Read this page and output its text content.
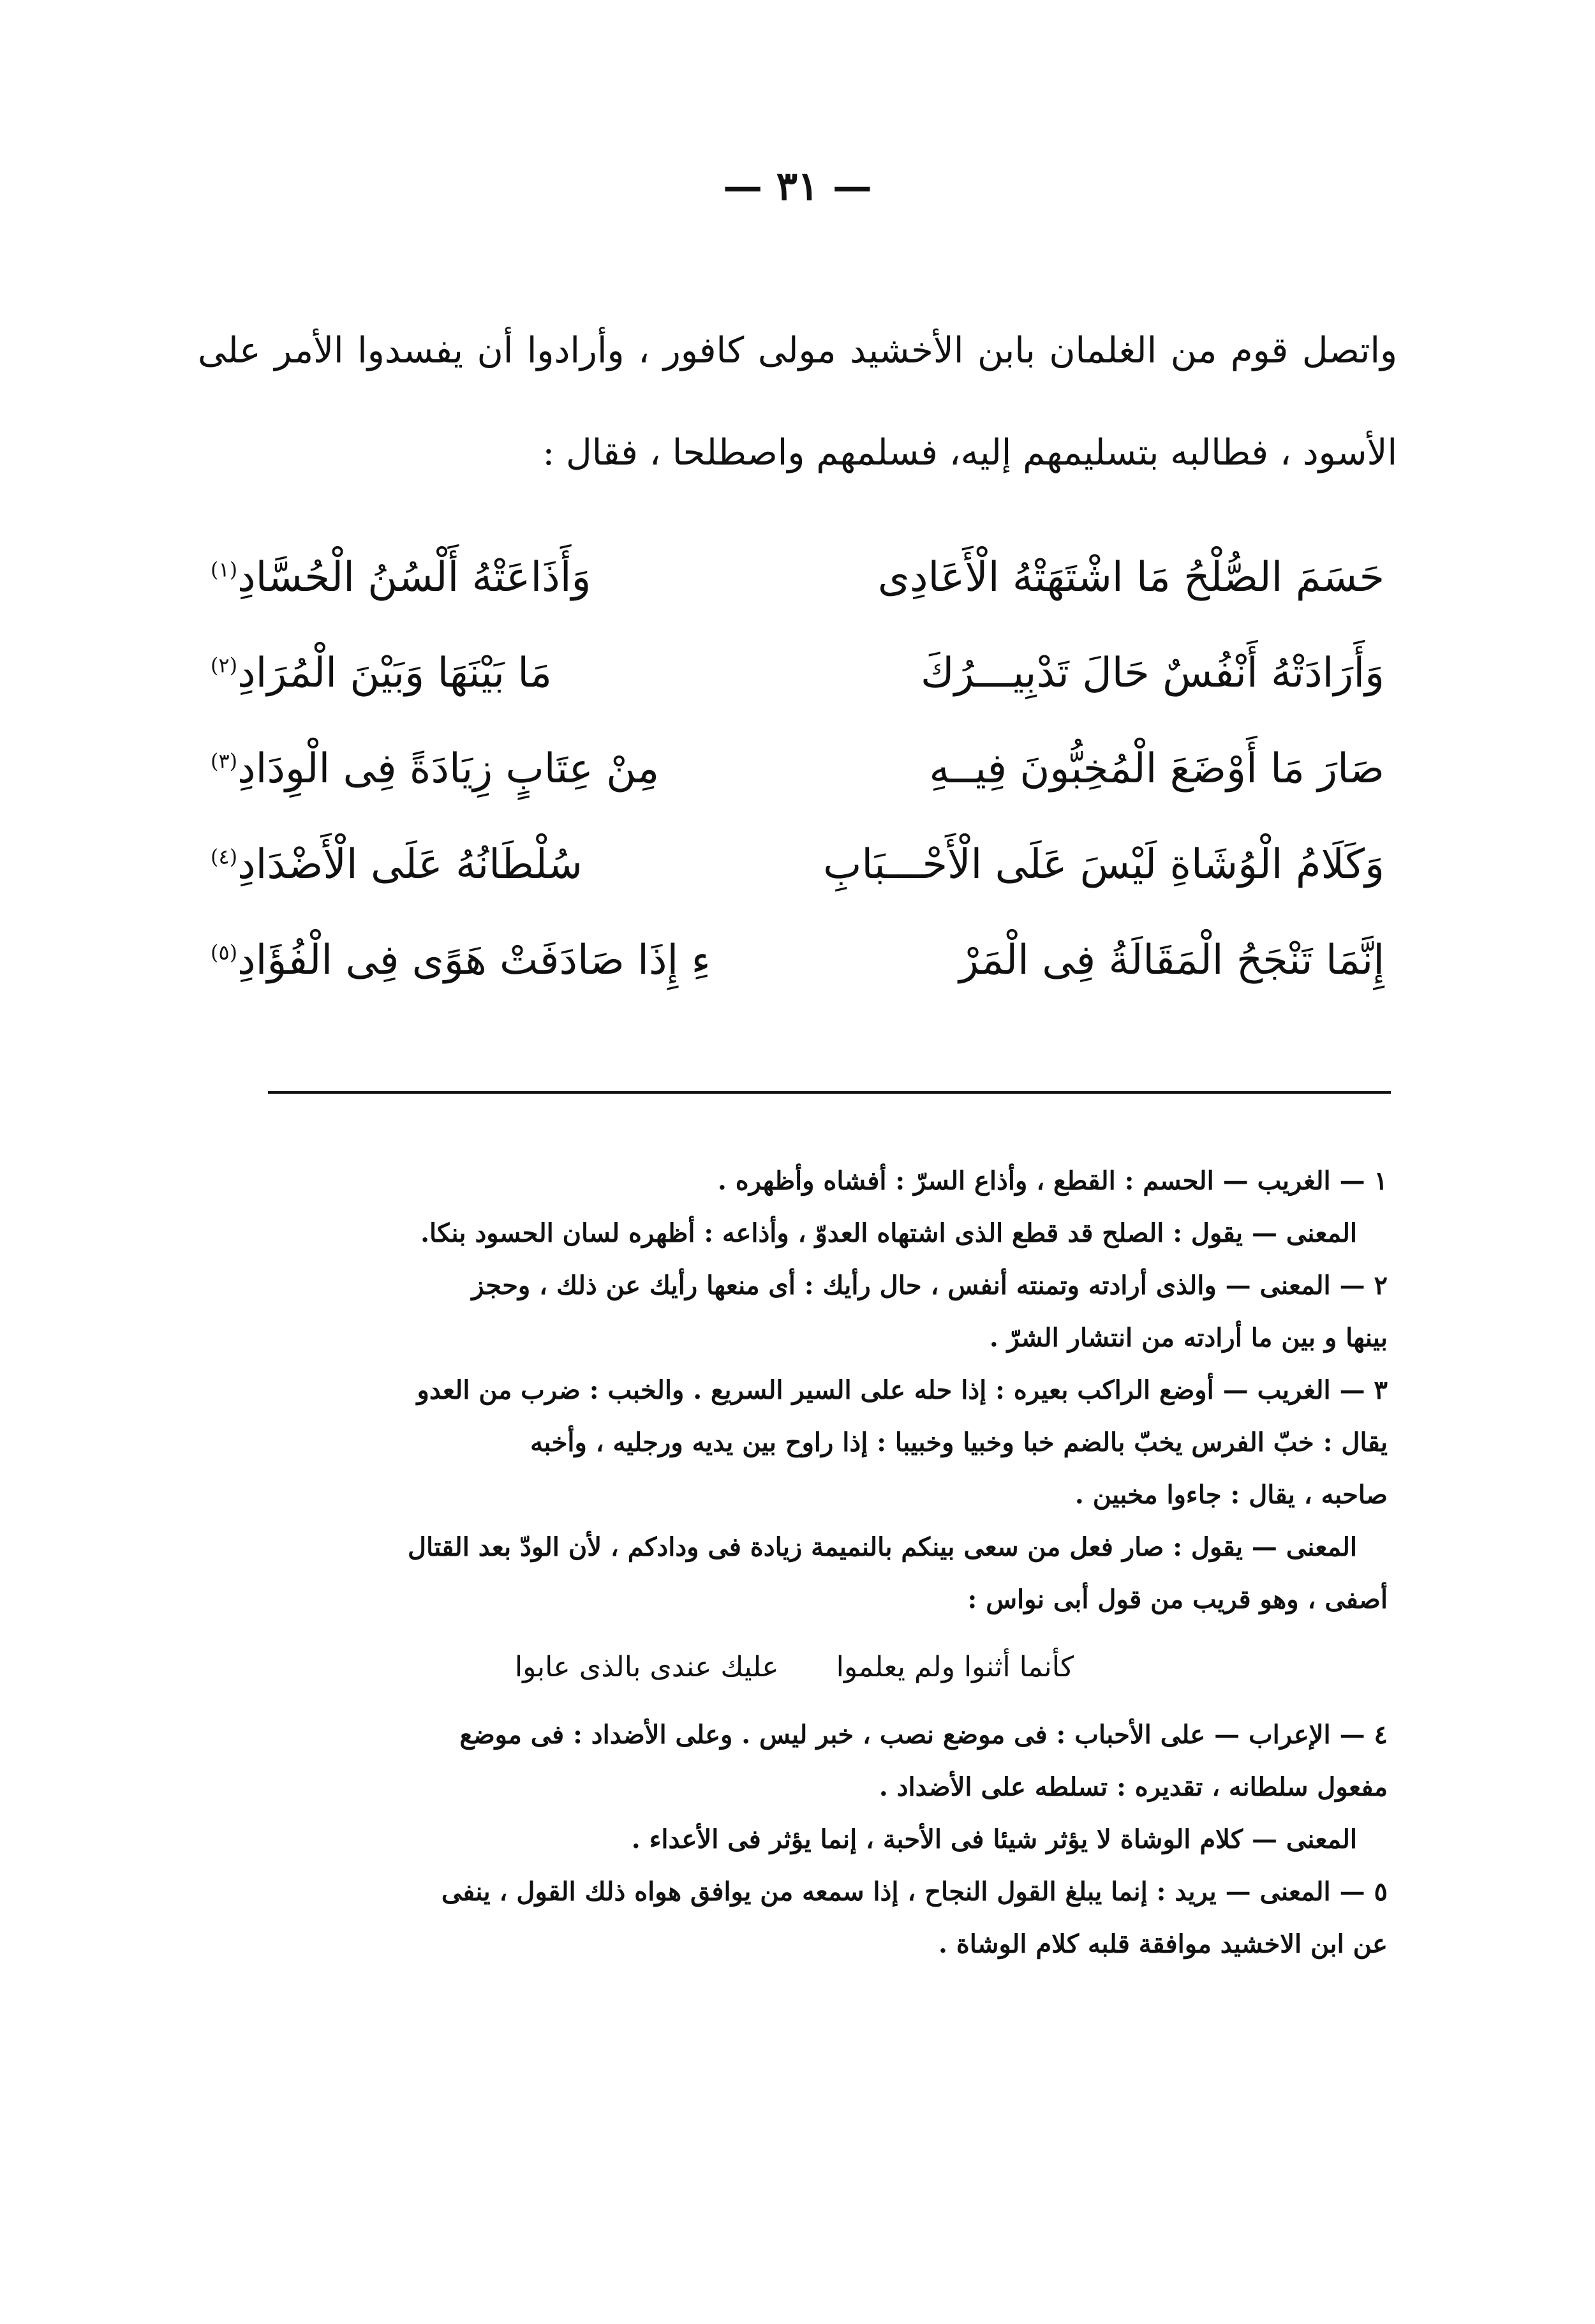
— ٣١ —
واتصل قوم من الغلمان بابن الأخشيد مولى كافور ، وأرادوا أن يفسدوا الأمر على الأسود ، فطالبه بتسليمهم إليه، فسلمهم واصطلحا ، فقال :
حَسَمَ الصُّلْحُ مَا اشْتَهَتْهُ الْأَعَادِى
وَأَذَاعَتْهُ أَلْسُنُ الْحُسَّادِ$^{(١)}$
وَأَرَادَتْهُ أَنْفُسٌ حَالَ تَدْبِيـــرُكَ
مَا بَيْنَهَا وَبَيْنَ الْمُرَادِ$^{(٢)}$
صَارَ مَا أَوْضَعَ الْمُخِبُّونَ فِيــهِ
مِنْ عِتَابٍ زِيَادَةً فِى الْوِدَادِ$^{(٣)}$
وَكَلَامُ الْوُشَاةِ لَيْسَ عَلَى الْأَحْـــبَابِ
سُلْطَانُهُ عَلَى الْأَضْدَادِ$^{(٤)}$
إِنَّمَا تَنْجَحُ الْمَقَالَةُ فِى الْمَرْ
ءِ إِذَا صَادَفَتْ هَوًى فِى الْفُؤَادِ$^{(٥)}$
١ — الغريب — الحسم : القطع ، وأذاع السرّ : أفشاه وأظهره .
المعنى — يقول : الصلح قد قطع الذى اشتهاه العدوّ ، وأذاعه : أظهره لسان الحسود بنكا.
٢ — المعنى — والذى أرادته وتمنته أنفس ، حال رأيك : أى منعها رأيك عن ذلك ، وحجز
بينها و بين ما أرادته من انتشار الشرّ .
٣ — الغريب — أوضع الراكب بعيره : إذا حله على السير السريع . والخبب : ضرب من العدو
يقال : خبّ الفرس يخبّ بالضم خبا وخبيا وخبيبا : إذا راوح بين يديه ورجليه ، وأخبه
صاحبه ، يقال : جاءوا مخبين .
المعنى — يقول : صار فعل من سعى بينكم بالنميمة زيادة فى ودادكم ، لأن الودّ بعد القتال
أصفى ، وهو قريب من قول أبى نواس :
كأنما أثنوا ولم يعلموا
عليك عندى بالذى عابوا
٤ — الإعراب — على الأحباب : فى موضع نصب ، خبر ليس . وعلى الأضداد : فى موضع
مفعول سلطانه ، تقديره : تسلطه على الأضداد .
المعنى — كلام الوشاة لا يؤثر شيئا فى الأحبة ، إنما يؤثر فى الأعداء .
٥ — المعنى — يريد : إنما يبلغ القول النجاح ، إذا سمعه من يوافق هواه ذلك القول ، ينفى
عن ابن الاخشيد موافقة قلبه كلام الوشاة .
